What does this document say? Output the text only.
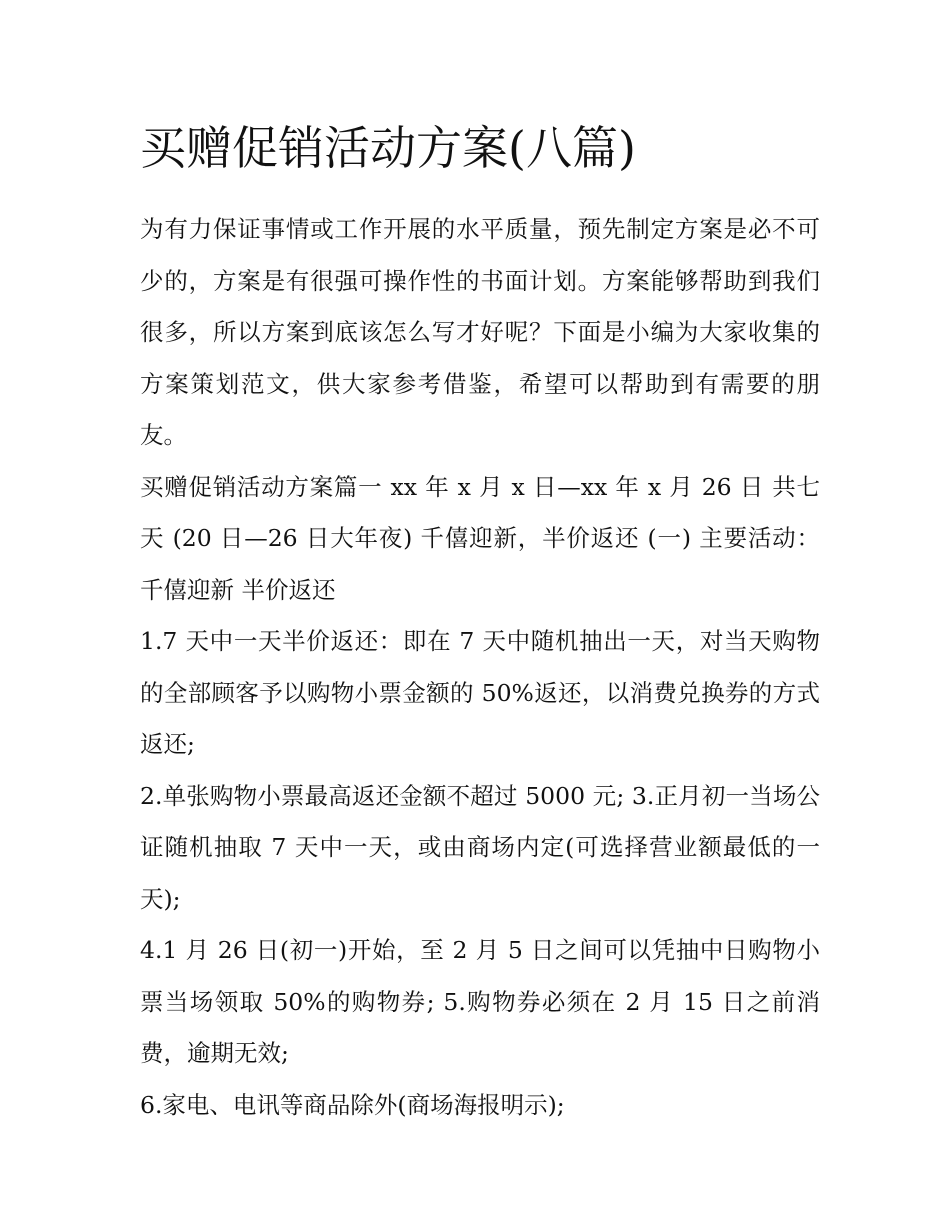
买赠促销活动方案(八篇)

为有力保证事情或工作开展的水平质量，预先制定方案是必不可少的，方案是有很强可操作性的书面计划。方案能够帮助到我们很多，所以方案到底该怎么写才好呢？下面是小编为大家收集的方案策划范文，供大家参考借鉴，希望可以帮助到有需要的朋友。

买赠促销活动方案篇一 xx 年 x 月 x 日—xx 年 x 月 26 日 共七天 (20 日—26 日大年夜) 千僖迎新，半价返还 (一) 主要活动：千僖迎新 半价返还

1.7 天中一天半价返还：即在 7 天中随机抽出一天，对当天购物的全部顾客予以购物小票金额的 50%返还，以消费兑换券的方式返还;

2.单张购物小票最高返还金额不超过 5000 元; 3.正月初一当场公证随机抽取 7 天中一天，或由商场内定(可选择营业额最低的一天);

4.1 月 26 日(初一)开始，至 2 月 5 日之间可以凭抽中日购物小票当场领取 50%的购物券; 5.购物券必须在 2 月 15 日之前消费，逾期无效;

6.家电、电讯等商品除外(商场海报明示);
